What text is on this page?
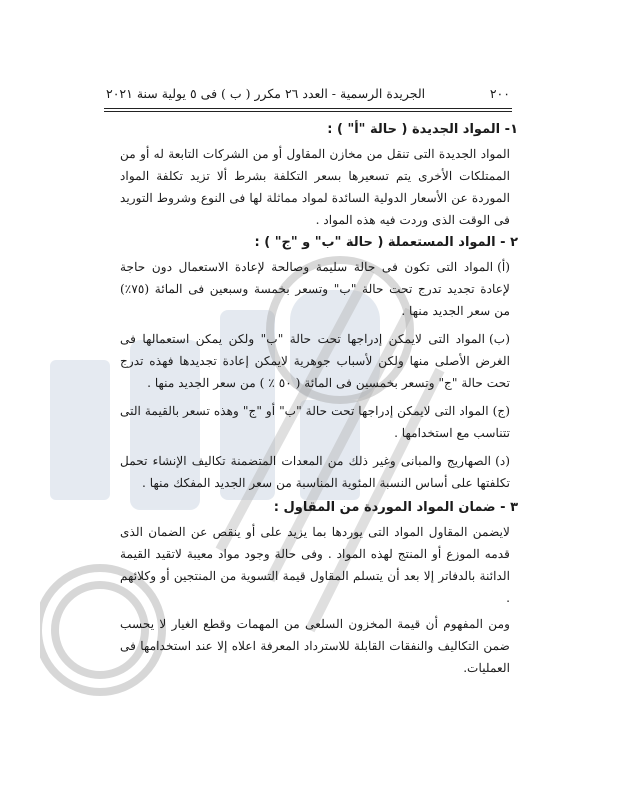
٢٠٠
الجريدة الرسمية - العدد ٢٦ مكرر ( ب ) فى ٥ يولية سنة ٢٠٢١
١- المواد الجديدة ( حالة "أ" ) :

المواد الجديدة التى تنقل من مخازن المقاول أو من الشركات التابعة له أو من الممتلكات الأخرى يتم تسعيرها بسعر التكلفة بشرط ألا تزيد تكلفة المواد الموردة عن الأسعار الدولية السائدة لمواد مماثلة لها فى النوع وشروط التوريد فى الوقت الذى وردت فيه هذه المواد .

٢ - المواد المستعملة ( حالة "ب" و "ج" ) :

(أ)المواد التى تكون فى حالة سليمة وصالحة لإعادة الاستعمال دون حاجة لإعادة تجديد تدرج تحت حالة "ب" وتسعر بخمسة وسبعين فى المائة (٧٥٪) من سعر الجديد منها .

(ب)المواد التى لايمكن إدراجها تحت حالة "ب" ولكن يمكن استعمالها فى الغرض الأصلى منها ولكن لأسباب جوهرية لايمكن إعادة تجديدها فهذه تدرج تحت حالة "ج" وتسعر بخمسين فى المائة ( ٥٠ ٪ ) من سعر الجديد منها .

(ج)المواد التى لايمكن إدراجها تحت حالة "ب" أو "ج" وهذه تسعر بالقيمة التى تتناسب مع استخدامها .

(د)الصهاريج والمبانى وغير ذلك من المعدات المتضمنة تكاليف الإنشاء تحمل تكلفتها على أساس النسبة المئوية المناسبة من سعر الجديد المفكك منها .

٣ - ضمان المواد الموردة من المقاول :

لايضمن المقاول المواد التى يوردها بما يزيد على أو ينقص عن الضمان الذى قدمه الموزع أو المنتج لهذه المواد . وفى حالة وجود مواد معيبة لاتقيد القيمة الدائنة بالدفاتر إلا بعد أن يتسلم المقاول قيمة التسوية من المنتجين أو وكلائهم .

ومن المفهوم أن قيمة المخزون السلعى من المهمات وقطع الغيار لا يحسب ضمن التكاليف والنفقات القابلة للاسترداد المعرفة اعلاه إلا عند استخدامها فى العمليات.
